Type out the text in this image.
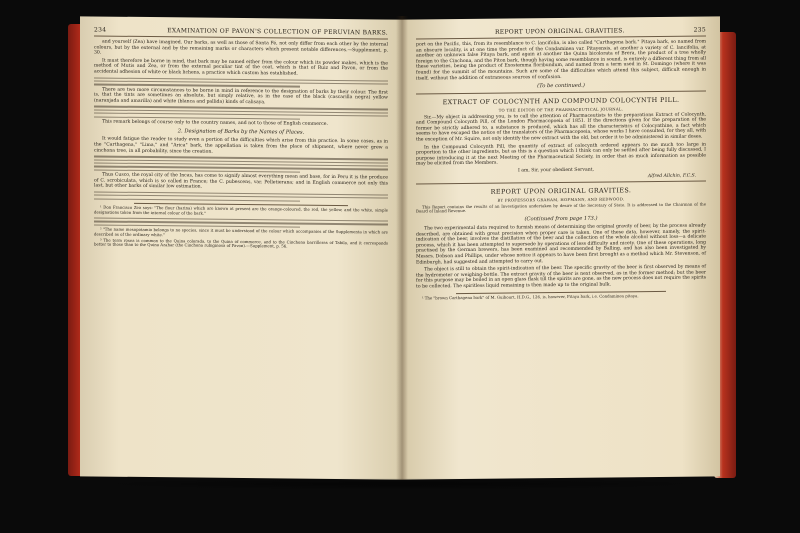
234	EXAMINATION OF PAVON'S COLLECTION OF PERUVIAN BARKS.

and yourself (Zea) have imagined. Our barks, as well as those of Santa Fé, not only differ from each other by the internal colours, but by the external and by the remaining marks or characters which present notable differences.—Supplement, p. 30.

It must therefore be borne in mind, that bark may be named either from the colour which its powder makes, which is the method of Mutis and Zea, or from the external peculiar tint of the coat, which is that of Ruiz and Pavon, or from the accidental adhesion of white or black lichens, a practice which custom has established.

There are two more circumstances to be borne in mind in reference to the designation of barks by their colour. The first is, that the tints are sometimes an absolute, but simply relative, as in the case of the black (cascarilla negra) yellow (naranjada and amarilla) and white (blanca and pallida) kinds of calisaya.

This remark belongs of course only to the country names, and not to those of English commerce.

2. Designation of Barks by the Names of Places.

It would fatigue the reader to study even a portion of the difficulties which arise from this practice. In some cases, as in the "Carthagena," "Lima," and "Arica" bark, the appellation is taken from the place of shipment, where never grew a cinchona tree, in all probability, since the creation.

Thus Cusco, the royal city of the Incas, has come to signify almost everything mean and base, for in Peru it is the produce of C. scrobiculata, which is so called in France; the C. pubescens, var. Pelletierana; and in English commerce not only this last, but other barks of similar low estimation.

¹ Don Francisco Zea says: "The flour (harina) which are known at present are the orange-coloured, the red, the yellow, and the white, simple designations taken from the internal colour of the bark."

² "The name mesopotamia belongs to no species, since it must be understood of the colour which accompanies of the Supplementa in which are described as of the ordinary white."

³ The term rosea is common to the Quina colorada, to the Quina of commerce, and to the Cinchona barrilleras of Tabila, and it corresponds better to those than to the Quina Azahar (the Cinchona rubiginosa of Pavon).—Supplement, p. 56.

REPORT UPON ORIGINAL GRAVITIES.	235

port on the Pacific, this, from its resemblance to C. lancifolia, is also called "Carthagena bark." Pitaya bark, so named from an obscure locality, is at one time the product of the Condaminea var. Pitayensis, at another a variety of C. lancifolia, at another an unknown false Pitaya bark, and again at another the Quina bicolorata of Brera, the product of a tree wholly foreign to the Cinchona, and the Piton bark, though having some resemblance in sound, is entirely a different thing from all these varieties, being the product of Exostemma floribundum, and named from a term used in St. Domingo (where it was found) for the summit of the mountains. Such are some of the difficulties which attend this subject, difficult enough in itself, without the addition of extraneous sources of confusion.

(To be continued.)

EXTRACT OF COLOCYNTH AND COMPOUND COLOCYNTH PILL.

TO THE EDITOR OF THE PHARMACEUTICAL JOURNAL.

Sir,—My object in addressing you, is to call the attention of Pharmaceutists to the preparations Extract of Colocynth, and Compound Colocynth Pill, of the London Pharmacopoeia of 1851. If the directions given for the preparation of the former be strictly adhered to, a substance is produced, which has all the characteristics of Colocynthine, a fact which seems to have escaped the notice of the translators of the Pharmacopoeia, whose works I have consulted, for they all, with the exception of Mr. Squire, not only identify the new extract with the old, but order it to be administered in similar doses.

In the Compound Colocynth Pill, the quantity of extract of colocynth ordered appears to me much too large in proportion to the other ingredients, but as this is a question which I think can only be settled after being fully discussed, I purpose introducing it at the next Meeting of the Pharmaceutical Society, in order that as much information as possible may be elicited from the Members.

I am, Sir, your obedient Servant,

Alfred Allchin, F.C.S.

REPORT UPON ORIGINAL GRAVITIES.

BY PROFESSORS GRAHAM, HOFMANN, AND REDWOOD.

This Report contains the results of an Investigation undertaken by desire of the Secretary of State. It is addressed to the Chairman of the Board of Inland Revenue.

(Continued from page 173.)

The two experimental data required to furnish means of determining the original gravity of beer, by the process already described, are obtained with great precision when proper care is taken. One of these data, however, namely, the spirit-indication of the beer, involves the distillation of the beer and the collection of the whole alcohol without loss—a delicate process, which it has been attempted to supersede by operations of less difficulty and nicety. One of these operations, long practised by the German brewers, has been examined and recommended by Balling, and has also been investigated by Messrs. Dobson and Phillips, under whose notice it appears to have been first brought as a method which Mr. Stevenson, of Edinburgh, had suggested and attempted to carry out.

The object is still to obtain the spirit-indication of the beer. The specific gravity of the beer is first observed by means of the hydrometer or weighing-bottle. The extract gravity of the beer is next observed, as in the former method; but the beer for this purpose may be boiled in an open glass flask till the spirits are gone, as the new process does not require the spirits to be collected. The spiritless liquid remaining is then made up to the original bulk.

¹ The "brown Carthagena bark" of M. Guibourt, H.D.G., 126, is, however, Pitaya bark, i.e. Condaminea pitaya.
